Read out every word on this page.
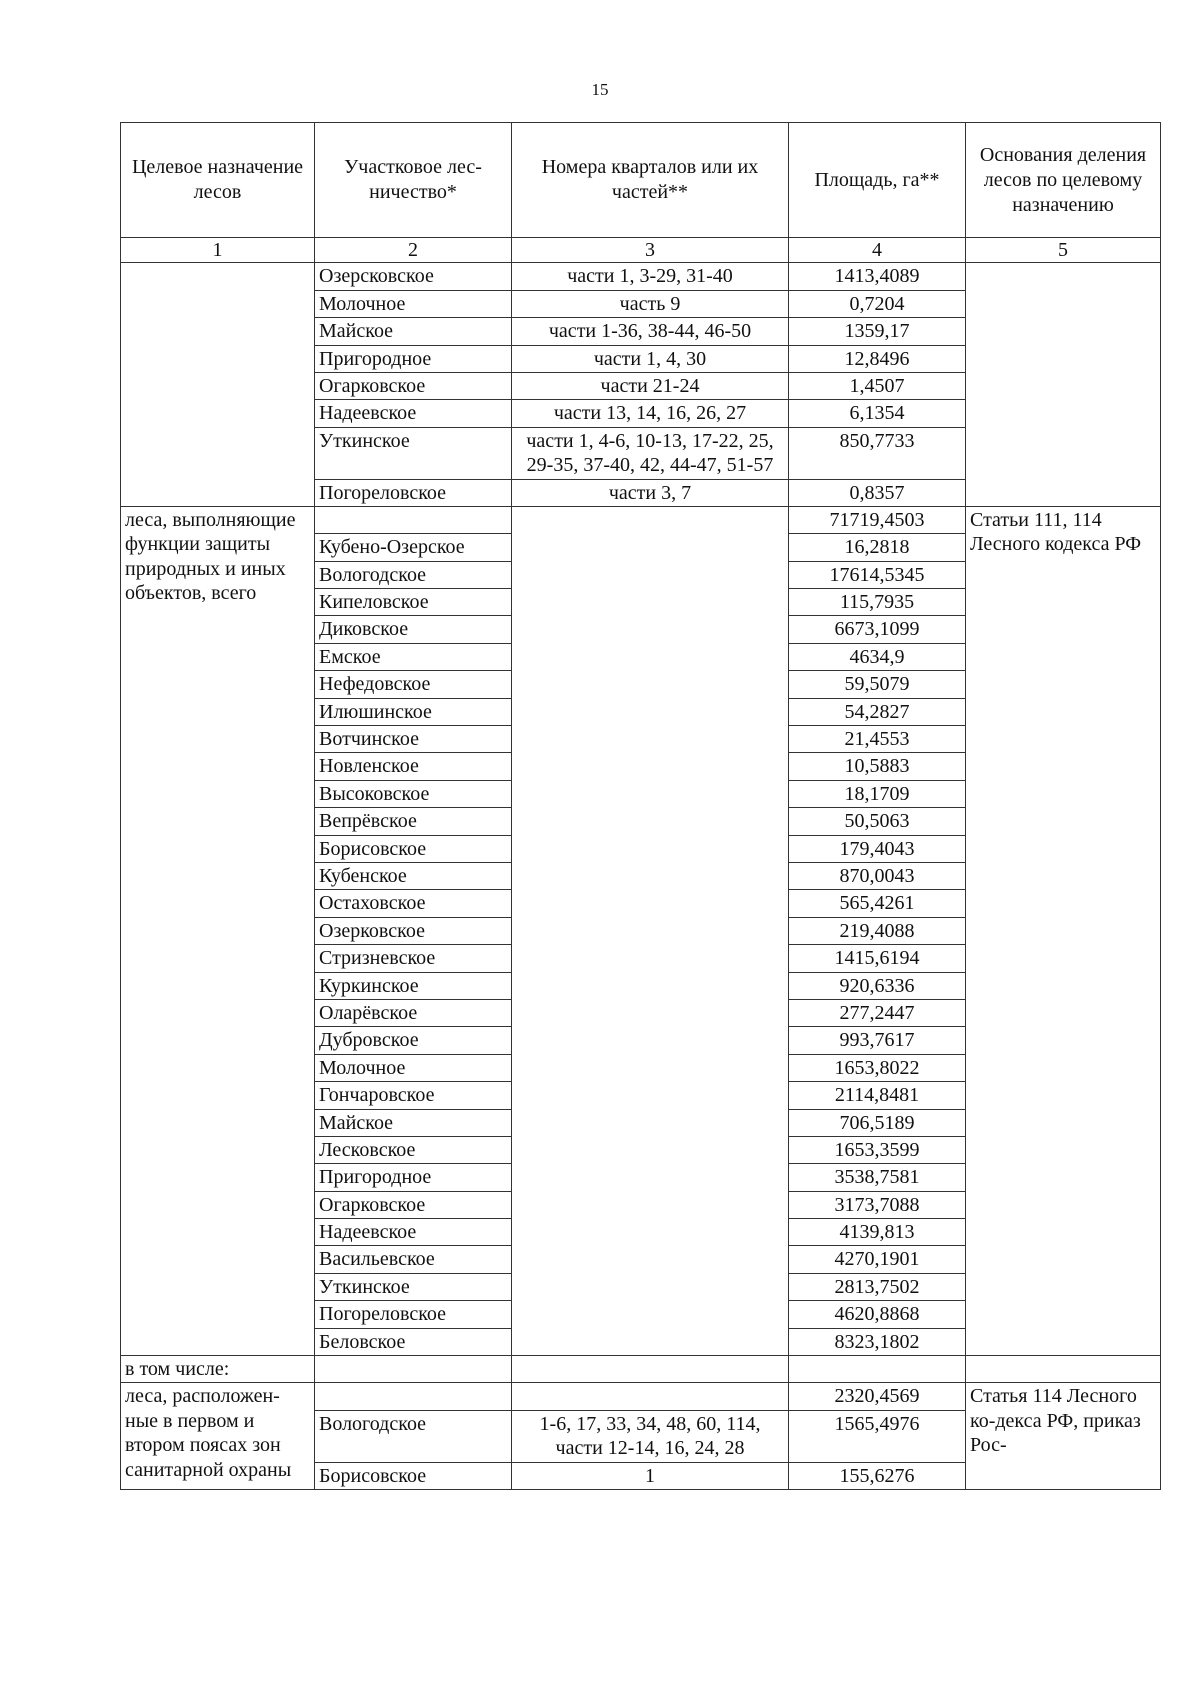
15
Целевое назначение лесов	Участковое лес-ничество*	Номера кварталов или их частей**	Площадь, га**	Основания деления лесов по целевому назначению
1	2	3	4	5
	Озерсковское	части 1, 3-29, 31-40	1413,4089	
	Молочное	часть 9	0,7204	
	Майское	части 1-36, 38-44, 46-50	1359,17	
	Пригородное	части 1, 4, 30	12,8496	
	Огарковское	части 21-24	1,4507	
	Надеевское	части 13, 14, 16, 26, 27	6,1354	
	Уткинское	части 1, 4-6, 10-13, 17-22, 25, 29-35, 37-40, 42, 44-47, 51-57	850,7733	
	Погореловское	части 3, 7	0,8357	
леса, выполняющие функции защиты природных и иных объектов, всего			71719,4503	Статьи 111, 114 Лесного кодекса РФ
	Кубено-Озерское		16,2818	
	Вологодское		17614,5345	
	Кипеловское		115,7935	
	Диковское		6673,1099	
	Емское		4634,9	
	Нефедовское		59,5079	
	Илюшинское		54,2827	
	Вотчинское		21,4553	
	Новленское		10,5883	
	Высоковское		18,1709	
	Вепрёвское		50,5063	
	Борисовское		179,4043	
	Кубенское		870,0043	
	Остаховское		565,4261	
	Озерковское		219,4088	
	Стризневское		1415,6194	
	Куркинское		920,6336	
	Оларёвское		277,2447	
	Дубровское		993,7617	
	Молочное		1653,8022	
	Гончаровское		2114,8481	
	Майское		706,5189	
	Лесковское		1653,3599	
	Пригородное		3538,7581	
	Огарковское		3173,7088	
	Надеевское		4139,813	
	Васильевское		4270,1901	
	Уткинское		2813,7502	
	Погореловское		4620,8868	
	Беловское		8323,1802	
в том числе:				
леса, расположен-ные в первом и втором поясах зон санитарной охраны			2320,4569	Статья 114 Лесного ко-декса РФ, приказ Рос-
	Вологодское	1-6, 17, 33, 34, 48, 60, 114, части 12-14, 16, 24, 28	1565,4976	
	Борисовское	1	155,6276	
